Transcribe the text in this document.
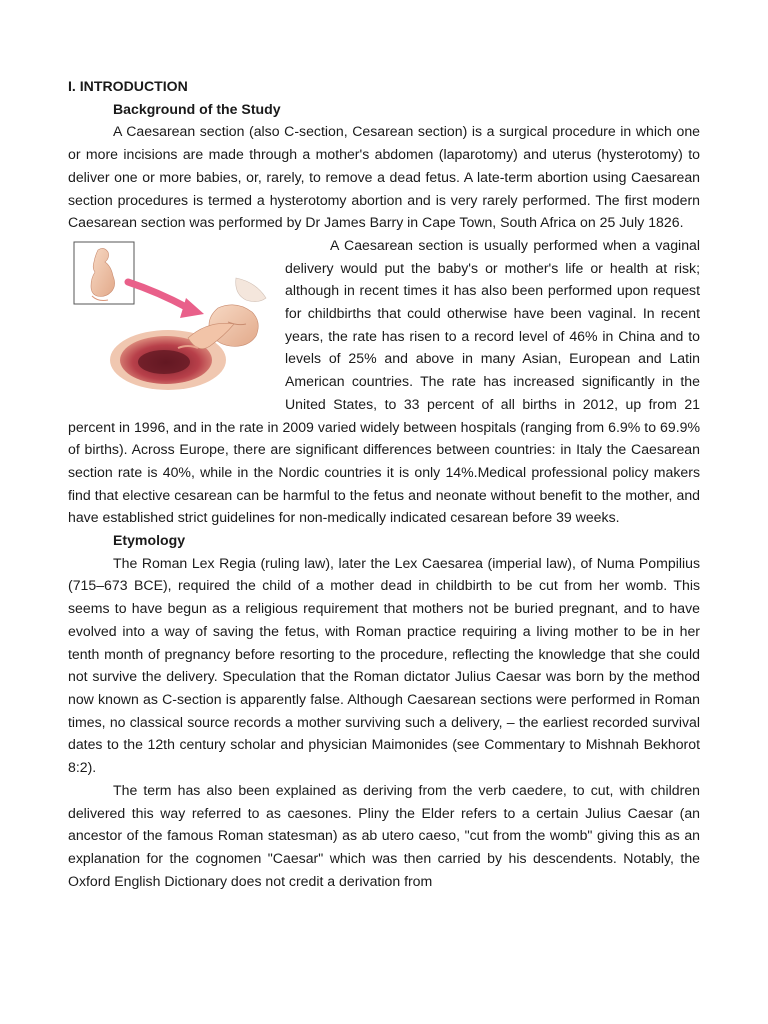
I. INTRODUCTION

Background of the Study

A Caesarean section (also C-section, Cesarean section) is a surgical procedure in which one or more incisions are made through a mother's abdomen (laparotomy) and uterus (hysterotomy) to deliver one or more babies, or, rarely, to remove a dead fetus. A late-term abortion using Caesarean section procedures is termed a hysterotomy abortion and is very rarely performed. The first modern Caesarean section was performed by Dr James Barry in Cape Town, South Africa on 25 July 1826.

A Caesarean section is usually performed when a vaginal delivery would put the baby's or mother's life or health at risk; although in recent times it has also been performed upon request for childbirths that could otherwise have been vaginal. In recent years, the rate has risen to a record level of 46% in China and to levels of 25% and above in many Asian, European and Latin American countries. The rate has increased significantly in the United States, to 33 percent of all births in 2012, up from 21 percent in 1996, and in the rate in 2009 varied widely between hospitals (ranging from 6.9% to 69.9% of births). Across Europe, there are significant differences between countries: in Italy the Caesarean section rate is 40%, while in the Nordic countries it is only 14%.Medical professional policy makers find that elective cesarean can be harmful to the fetus and neonate without benefit to the mother, and have established strict guidelines for non-medically indicated cesarean before 39 weeks.

Etymology

The Roman Lex Regia (ruling law), later the Lex Caesarea (imperial law), of Numa Pompilius (715–673 BCE), required the child of a mother dead in childbirth to be cut from her womb. This seems to have begun as a religious requirement that mothers not be buried pregnant, and to have evolved into a way of saving the fetus, with Roman practice requiring a living mother to be in her tenth month of pregnancy before resorting to the procedure, reflecting the knowledge that she could not survive the delivery. Speculation that the Roman dictator Julius Caesar was born by the method now known as C-section is apparently false. Although Caesarean sections were performed in Roman times, no classical source records a mother surviving such a delivery, – the earliest recorded survival dates to the 12th century scholar and physician Maimonides (see Commentary to Mishnah Bekhorot 8:2).

The term has also been explained as deriving from the verb caedere, to cut, with children delivered this way referred to as caesones. Pliny the Elder refers to a certain Julius Caesar (an ancestor of the famous Roman statesman) as ab utero caeso, "cut from the womb" giving this as an explanation for the cognomen "Caesar" which was then carried by his descendents. Notably, the Oxford English Dictionary does not credit a derivation from
